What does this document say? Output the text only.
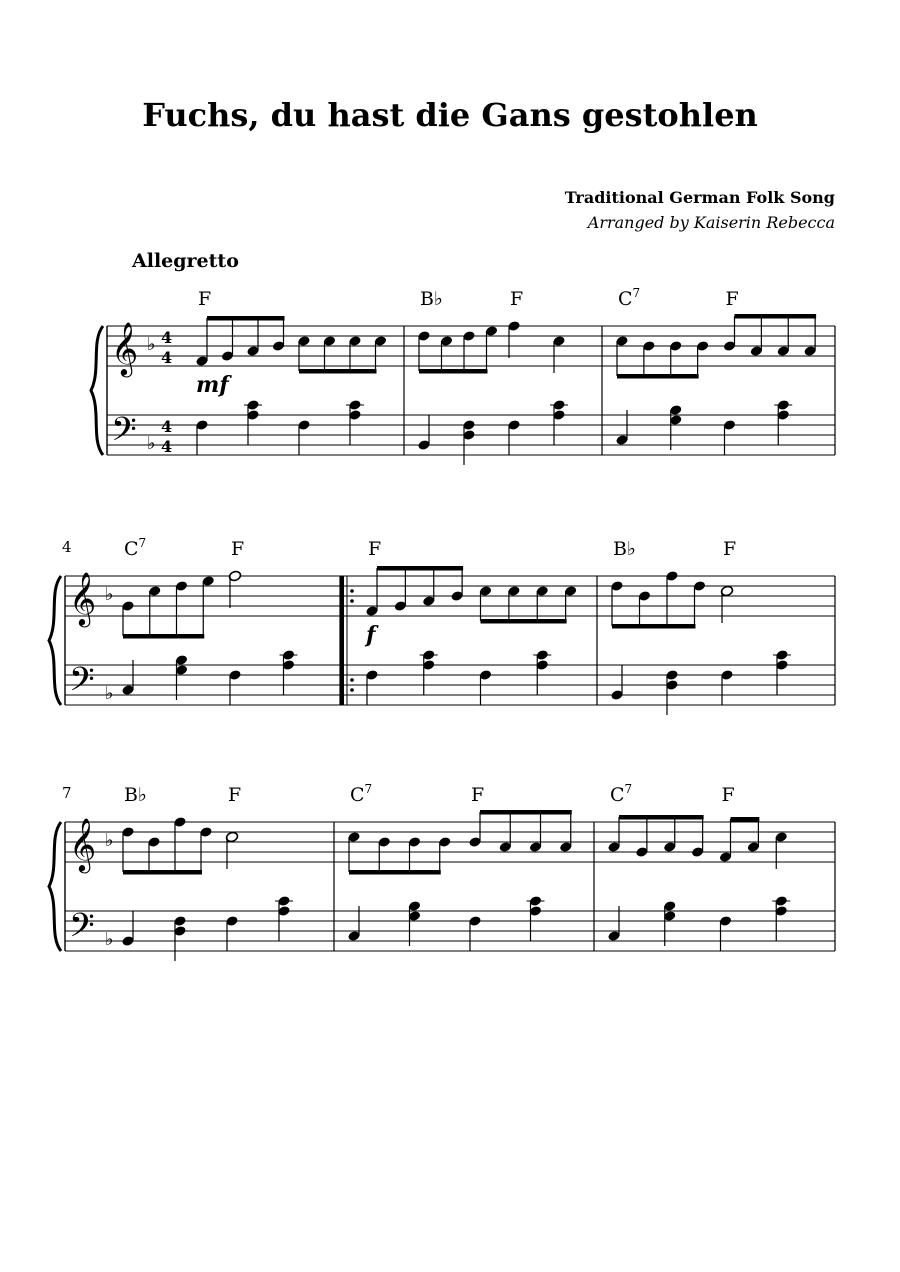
Fuchs, du hast die Gans gestohlen
Traditional German Folk Song
Arranged by Kaiserin Rebecca
Allegretto
𝄞
𝄢
♭
♭
4
4
4
4
F
mf
B♭	F	$C^7$	F
𝄞
𝄢
♭
♭
4	$C^7$	F	F
f
B♭	F
𝄞
𝄢
♭
♭
7	B♭	F	$C^7$	F	$C^7$	F
